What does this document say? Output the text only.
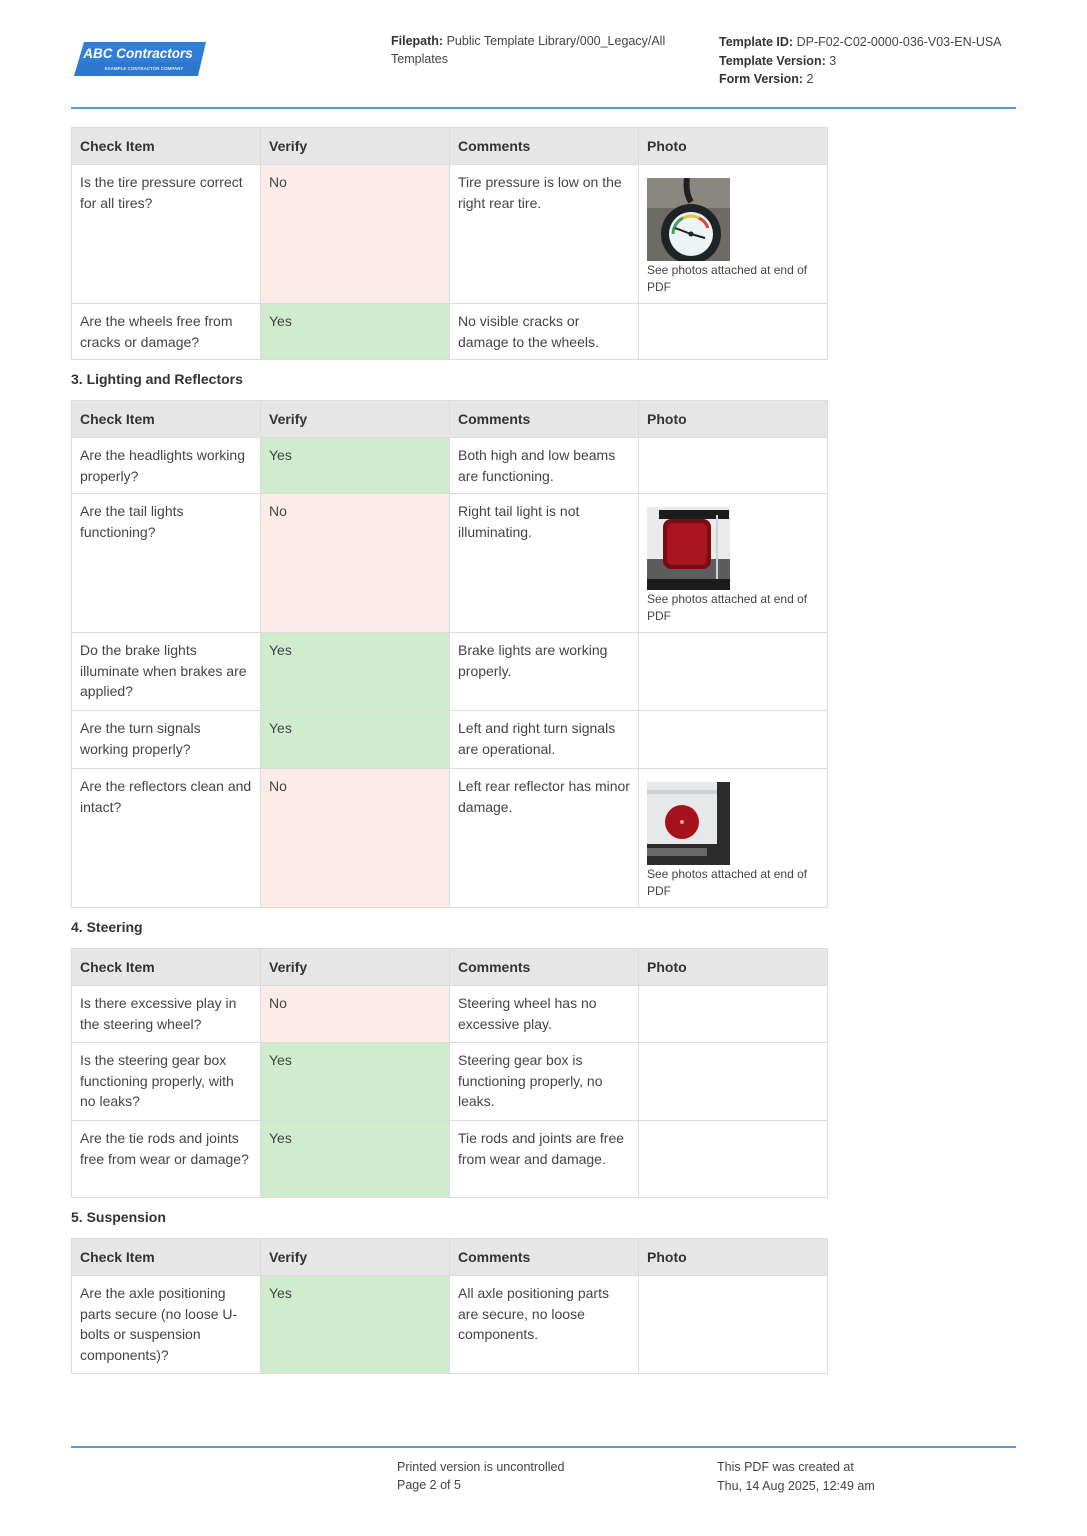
ABC Contractors
EXAMPLE CONTRACTOR COMPANY
Filepath: Public Template Library/000_Legacy/All Templates
Template ID: DP-F02-C02-0000-036-V03-EN-USA
Template Version: 3
Form Version: 2
Check Item	Verify	Comments	Photo
Is the tire pressure correct for all tires?	No	Tire pressure is low on the right rear tire.	See photos attached at end of PDF

Are the wheels free from cracks or damage?	Yes	No visible cracks or damage to the wheels.	
3. Lighting and Reflectors
Check Item	Verify	Comments	Photo
Are the headlights working properly?	Yes	Both high and low beams are functioning.	
Are the tail lights functioning?	No	Right tail light is not illuminating.	See photos attached at end of PDF

Do the brake lights illuminate when brakes are applied?	Yes	Brake lights are working properly.	
Are the turn signals working properly?	Yes	Left and right turn signals are operational.	
Are the reflectors clean and intact?	No	Left rear reflector has minor damage.	See photos attached at end of PDF
4. Steering
Check Item	Verify	Comments	Photo
Is there excessive play in the steering wheel?	No	Steering wheel has no excessive play.	
Is the steering gear box functioning properly, with no leaks?	Yes	Steering gear box is functioning properly, no leaks.	
Are the tie rods and joints free from wear or damage?	Yes	Tie rods and joints are free from wear and damage.	
5. Suspension
Check Item	Verify	Comments	Photo
Are the axle positioning parts secure (no loose U-bolts or suspension components)?	Yes	All axle positioning parts are secure, no loose components.	
Printed version is uncontrolled
Page 2 of 5
This PDF was created at
Thu, 14 Aug 2025, 12:49 am
